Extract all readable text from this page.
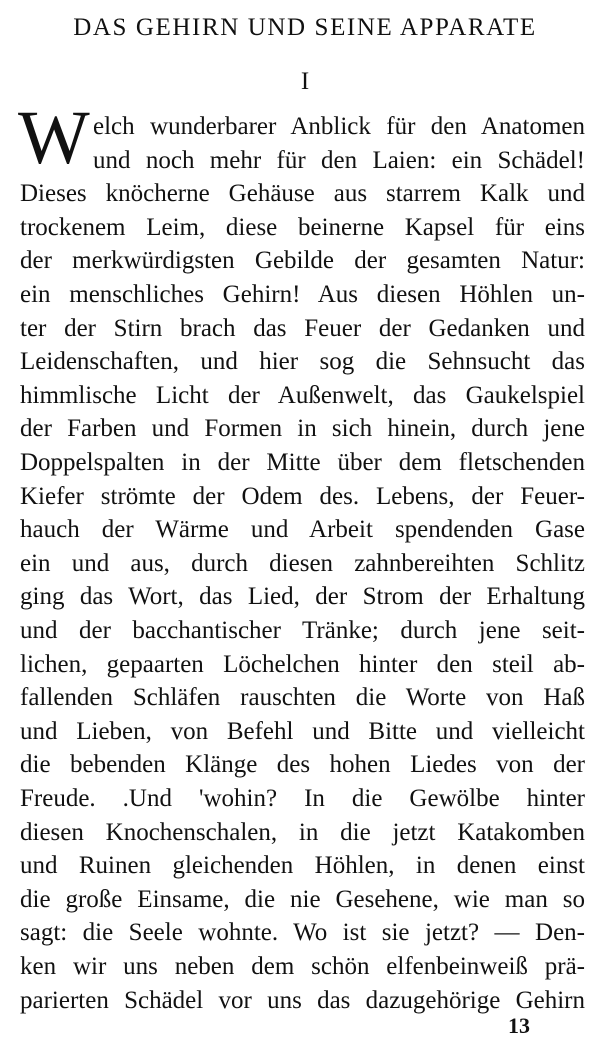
DAS GEHIRN UND SEINE APPARATE
I
W elch wunderbarer Anblick für den Anatomen
und noch mehr für den Laien: ein Schädel!
Dieses knöcherne Gehäuse aus starrem Kalk und
trockenem Leim, diese beinerne Kapsel für eins
der merkwürdigsten Gebilde der gesamten Natur:
ein menschliches Gehirn! Aus diesen Höhlen un-
ter der Stirn brach das Feuer der Gedanken und
Leidenschaften, und hier sog die Sehnsucht das
himmlische Licht der Außenwelt, das Gaukelspiel
der Farben und Formen in sich hinein, durch jene
Doppelspalten in der Mitte über dem fletschenden
Kiefer strömte der Odem des. Lebens, der Feuer-
hauch der Wärme und Arbeit spendenden Gase
ein und aus, durch diesen zahnbereihten Schlitz
ging das Wort, das Lied, der Strom der Erhaltung
und der bacchantischer Tränke; durch jene seit-
lichen, gepaarten Löchelchen hinter den steil ab-
fallenden Schläfen rauschten die Worte von Haß
und Lieben, von Befehl und Bitte und vielleicht
die bebenden Klänge des hohen Liedes von der
Freude. .Und 'wohin? In die Gewölbe hinter
diesen Knochenschalen, in die jetzt Katakomben
und Ruinen gleichenden Höhlen, in denen einst
die große Einsame, die nie Gesehene, wie man so
sagt: die Seele wohnte. Wo ist sie jetzt? — Den-
ken wir uns neben dem schön elfenbeinweiß prä-
parierten Schädel vor uns das dazugehörige Gehirn
13
